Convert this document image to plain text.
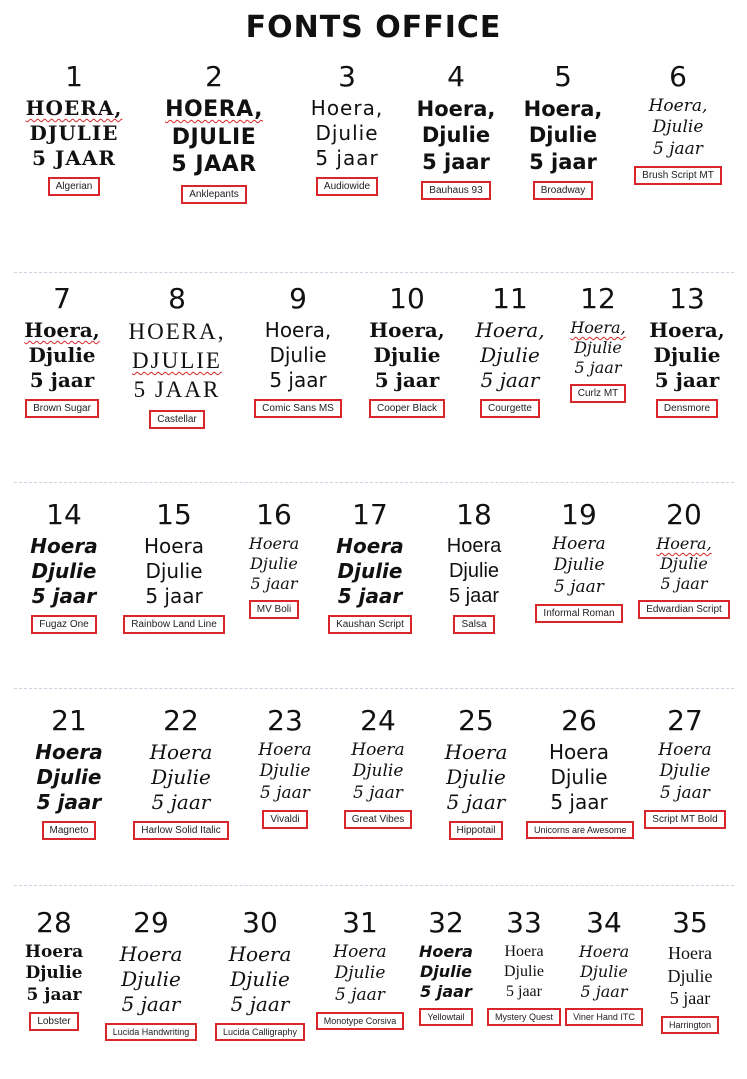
FONTS OFFICE
1
HOERA,
DJULIE
5 JAAR
Algerian
2
HOERA,
DJULIE
5 JAAR
Anklepants
3
Hoera,
Djulie
5 jaar
Audiowide
4
Hoera,
Djulie
5 jaar
Bauhaus 93
5
Hoera,
Djulie
5 jaar
Broadway
6
Hoera,
Djulie
5 jaar
Brush Script MT
7
Hoera,
Djulie
5 jaar
Brown Sugar
8
HOERA,
DJULIE
5 JAAR
Castellar
9
Hoera,
Djulie
5 jaar
Comic Sans MS
10
Hoera,
Djulie
5 jaar
Cooper Black
11
Hoera,
Djulie
5 jaar
Courgette
12
Hoera,
Djulie
5 jaar
Curlz MT
13
Hoera,
Djulie
5 jaar
Densmore
14
Hoera
Djulie
5 jaar
Fugaz One
15
Hoera
Djulie
5 jaar
Rainbow Land Line
16
Hoera
Djulie
5 jaar
MV Boli
17
Hoera
Djulie
5 jaar
Kaushan Script
18
Hoera
Djulie
5 jaar
Salsa
19
Hoera
Djulie
5 jaar
Informal Roman
20
Hoera,
Djulie
5 jaar
Edwardian Script
21
Hoera
Djulie
5 jaar
Magneto
22
Hoera
Djulie
5 jaar
Harlow Solid Italic
23
Hoera
Djulie
5 jaar
Vivaldi
24
Hoera
Djulie
5 jaar
Great Vibes
25
Hoera
Djulie
5 jaar
Hippotail
26
Hoera
Djulie
5 jaar
Unicorns are Awesome
27
Hoera
Djulie
5 jaar
Script MT Bold
28
Hoera
Djulie
5 jaar
Lobster
29
Hoera
Djulie
5 jaar
Lucida Handwriting
30
Hoera
Djulie
5 jaar
Lucida Calligraphy
31
Hoera
Djulie
5 jaar
Monotype Corsiva
32
Hoera
Djulie
5 jaar
Yellowtail
33
Hoera
Djulie
5 jaar
Mystery Quest
34
Hoera
Djulie
5 jaar
Viner Hand ITC
35
Hoera
Djulie
5 jaar
Harrington
